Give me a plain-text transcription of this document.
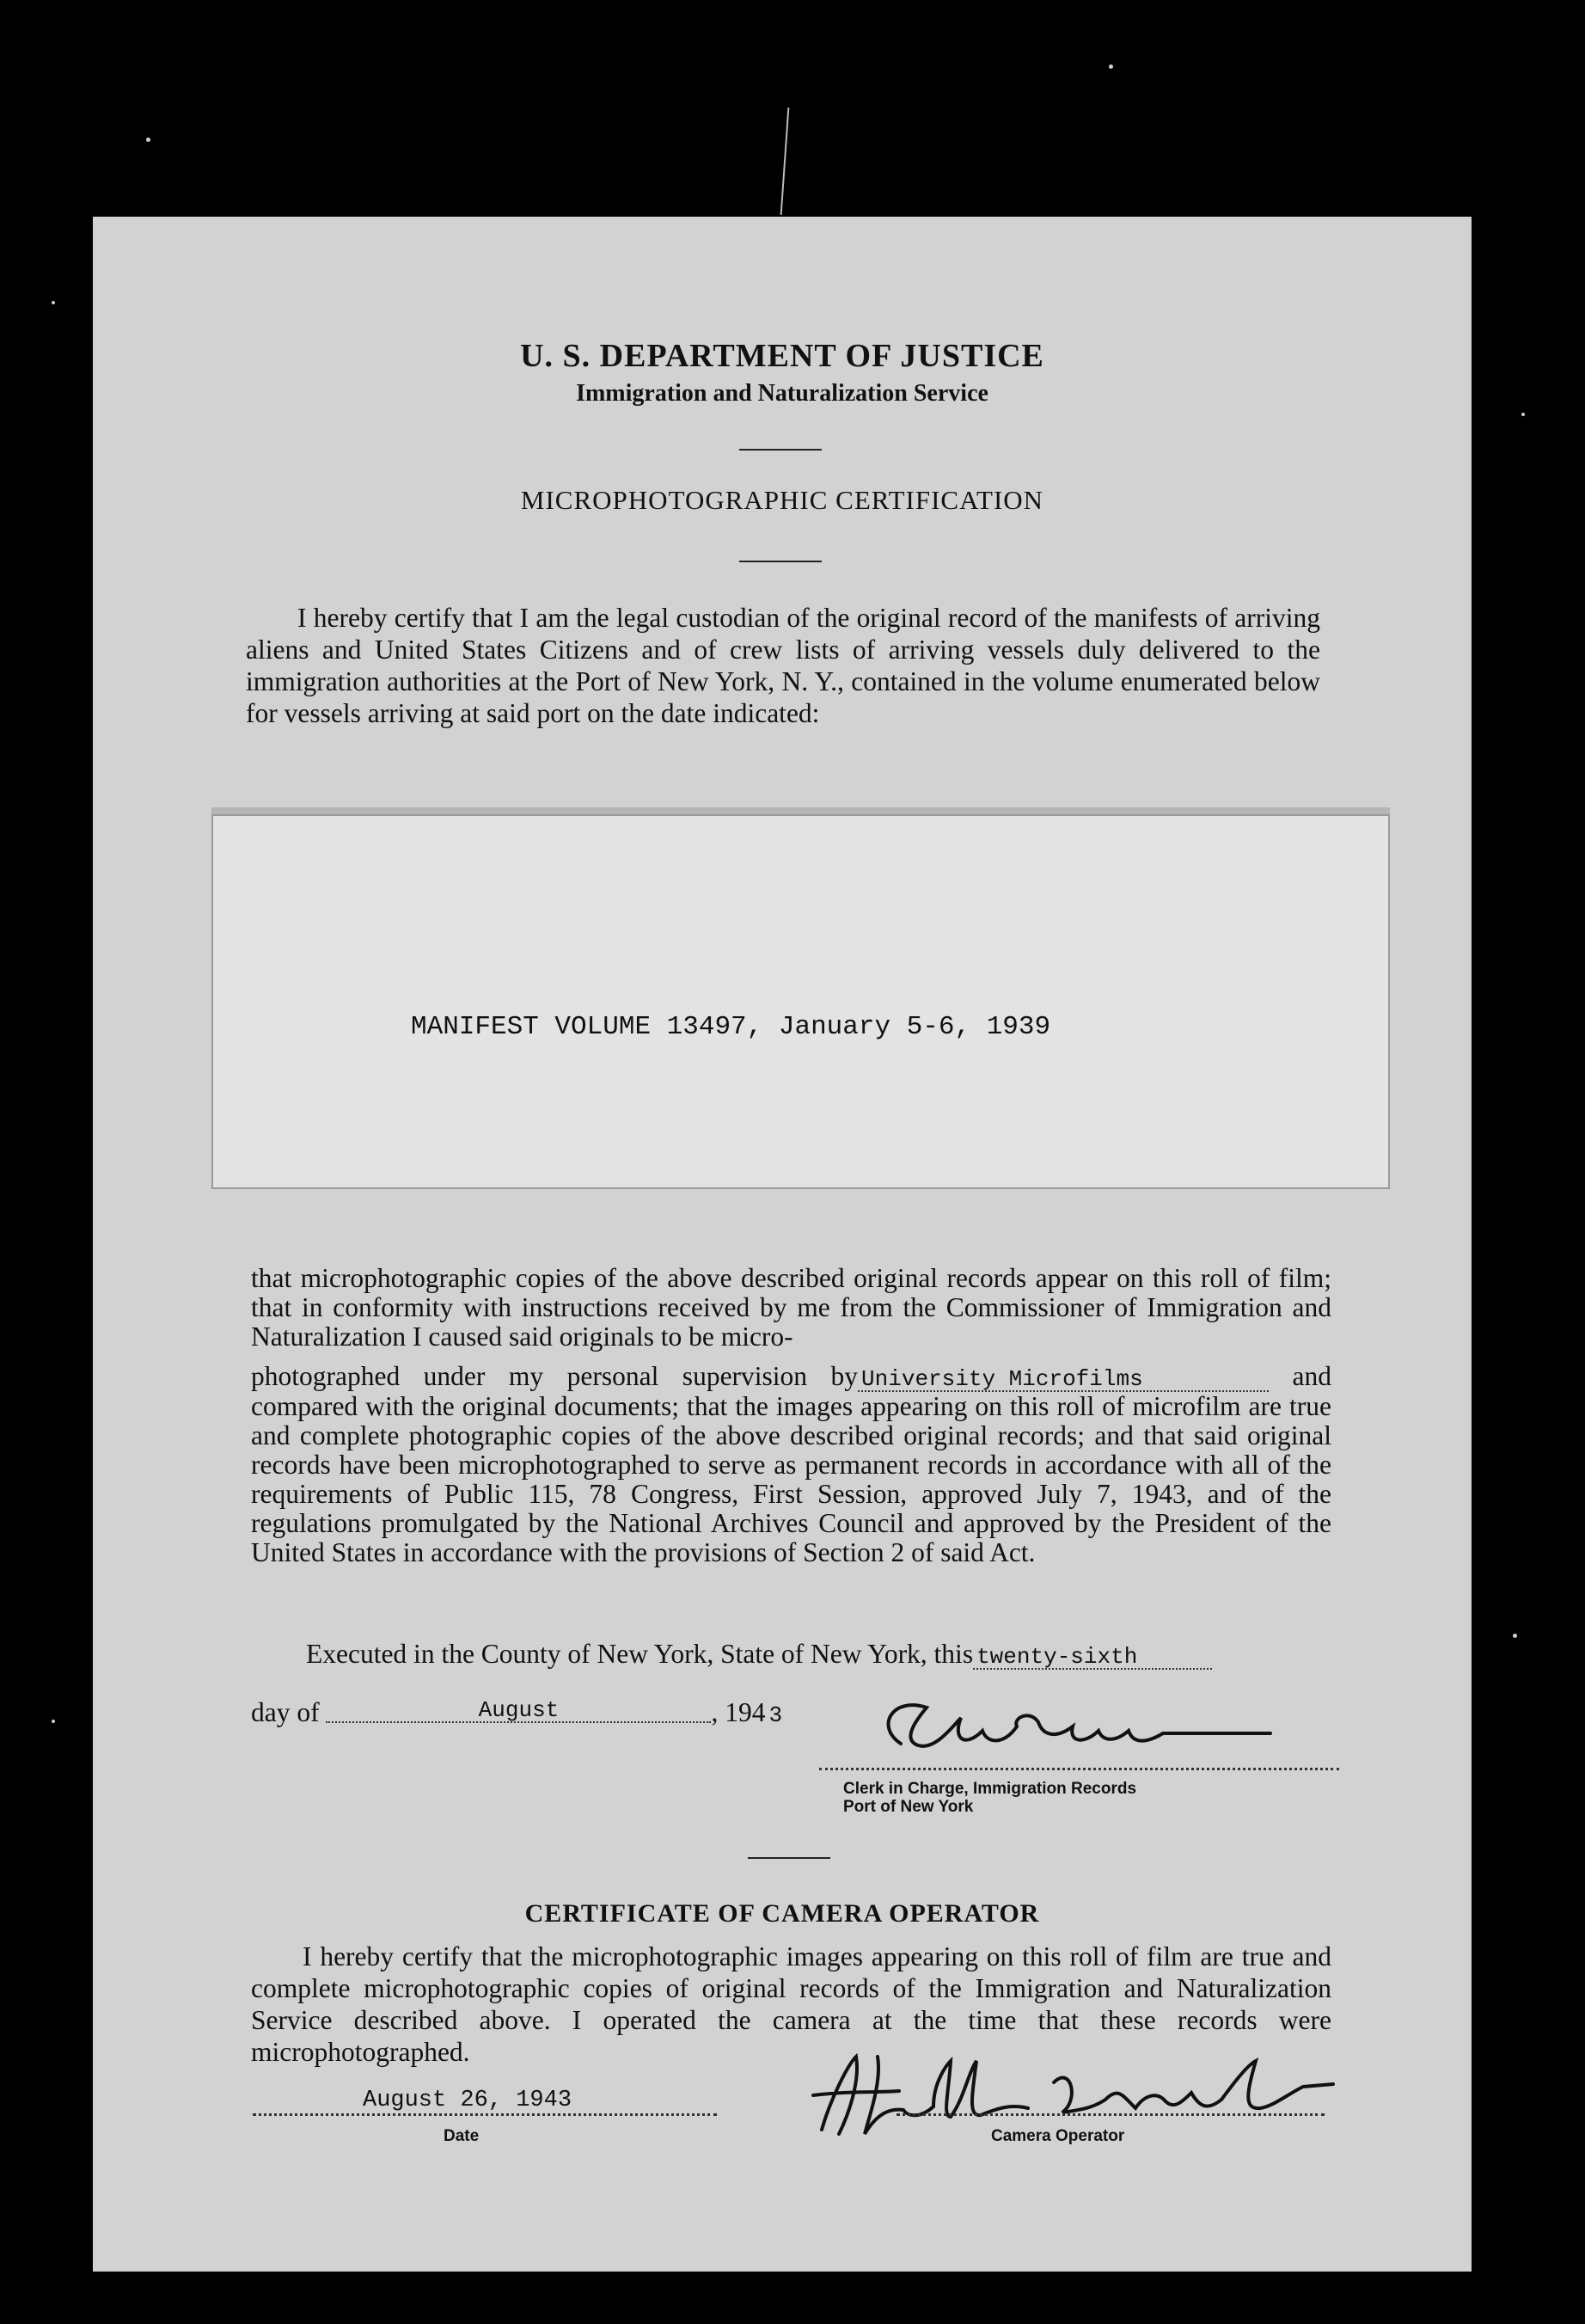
U. S. DEPARTMENT OF JUSTICE
Immigration and Naturalization Service
MICROPHOTOGRAPHIC CERTIFICATION
I hereby certify that I am the legal custodian of the original record of the manifests of arriving aliens and United States Citizens and of crew lists of arriving vessels duly delivered to the immigration authorities at the Port of New York, N. Y., contained in the volume enumerated below for vessels arriving at said port on the date indicated:
MANIFEST VOLUME 13497, January 5-6, 1939
that microphotographic copies of the above described original records appear on this roll of film; that in conformity with instructions received by me from the Commissioner of Immigration and Naturalization I caused said originals to be micro-
photographed under my personal supervision by University Microfilms	and compared with the original documents; that the images appearing on this roll of microfilm are true and complete photographic copies of the above described original records; and that said original records have been microphotographed to serve as permanent records in accordance with all of the requirements of Public 115, 78 Congress, First Session, approved July 7, 1943, and of the regulations promulgated by the National Archives Council and approved by the President of the United States in accordance with the provisions of Section 2 of said Act.
Executed in the County of New York, State of New York, this twenty-sixth
day of	August	, 194 3
Clerk in Charge, Immigration Records
Port of New York
CERTIFICATE OF CAMERA OPERATOR
I hereby certify that the microphotographic images appearing on this roll of film are true and complete microphotographic copies of original records of the Immigration and Naturalization Service described above. I operated the camera at the time that these records were microphotographed.
August 26, 1943
Date	Camera Operator
